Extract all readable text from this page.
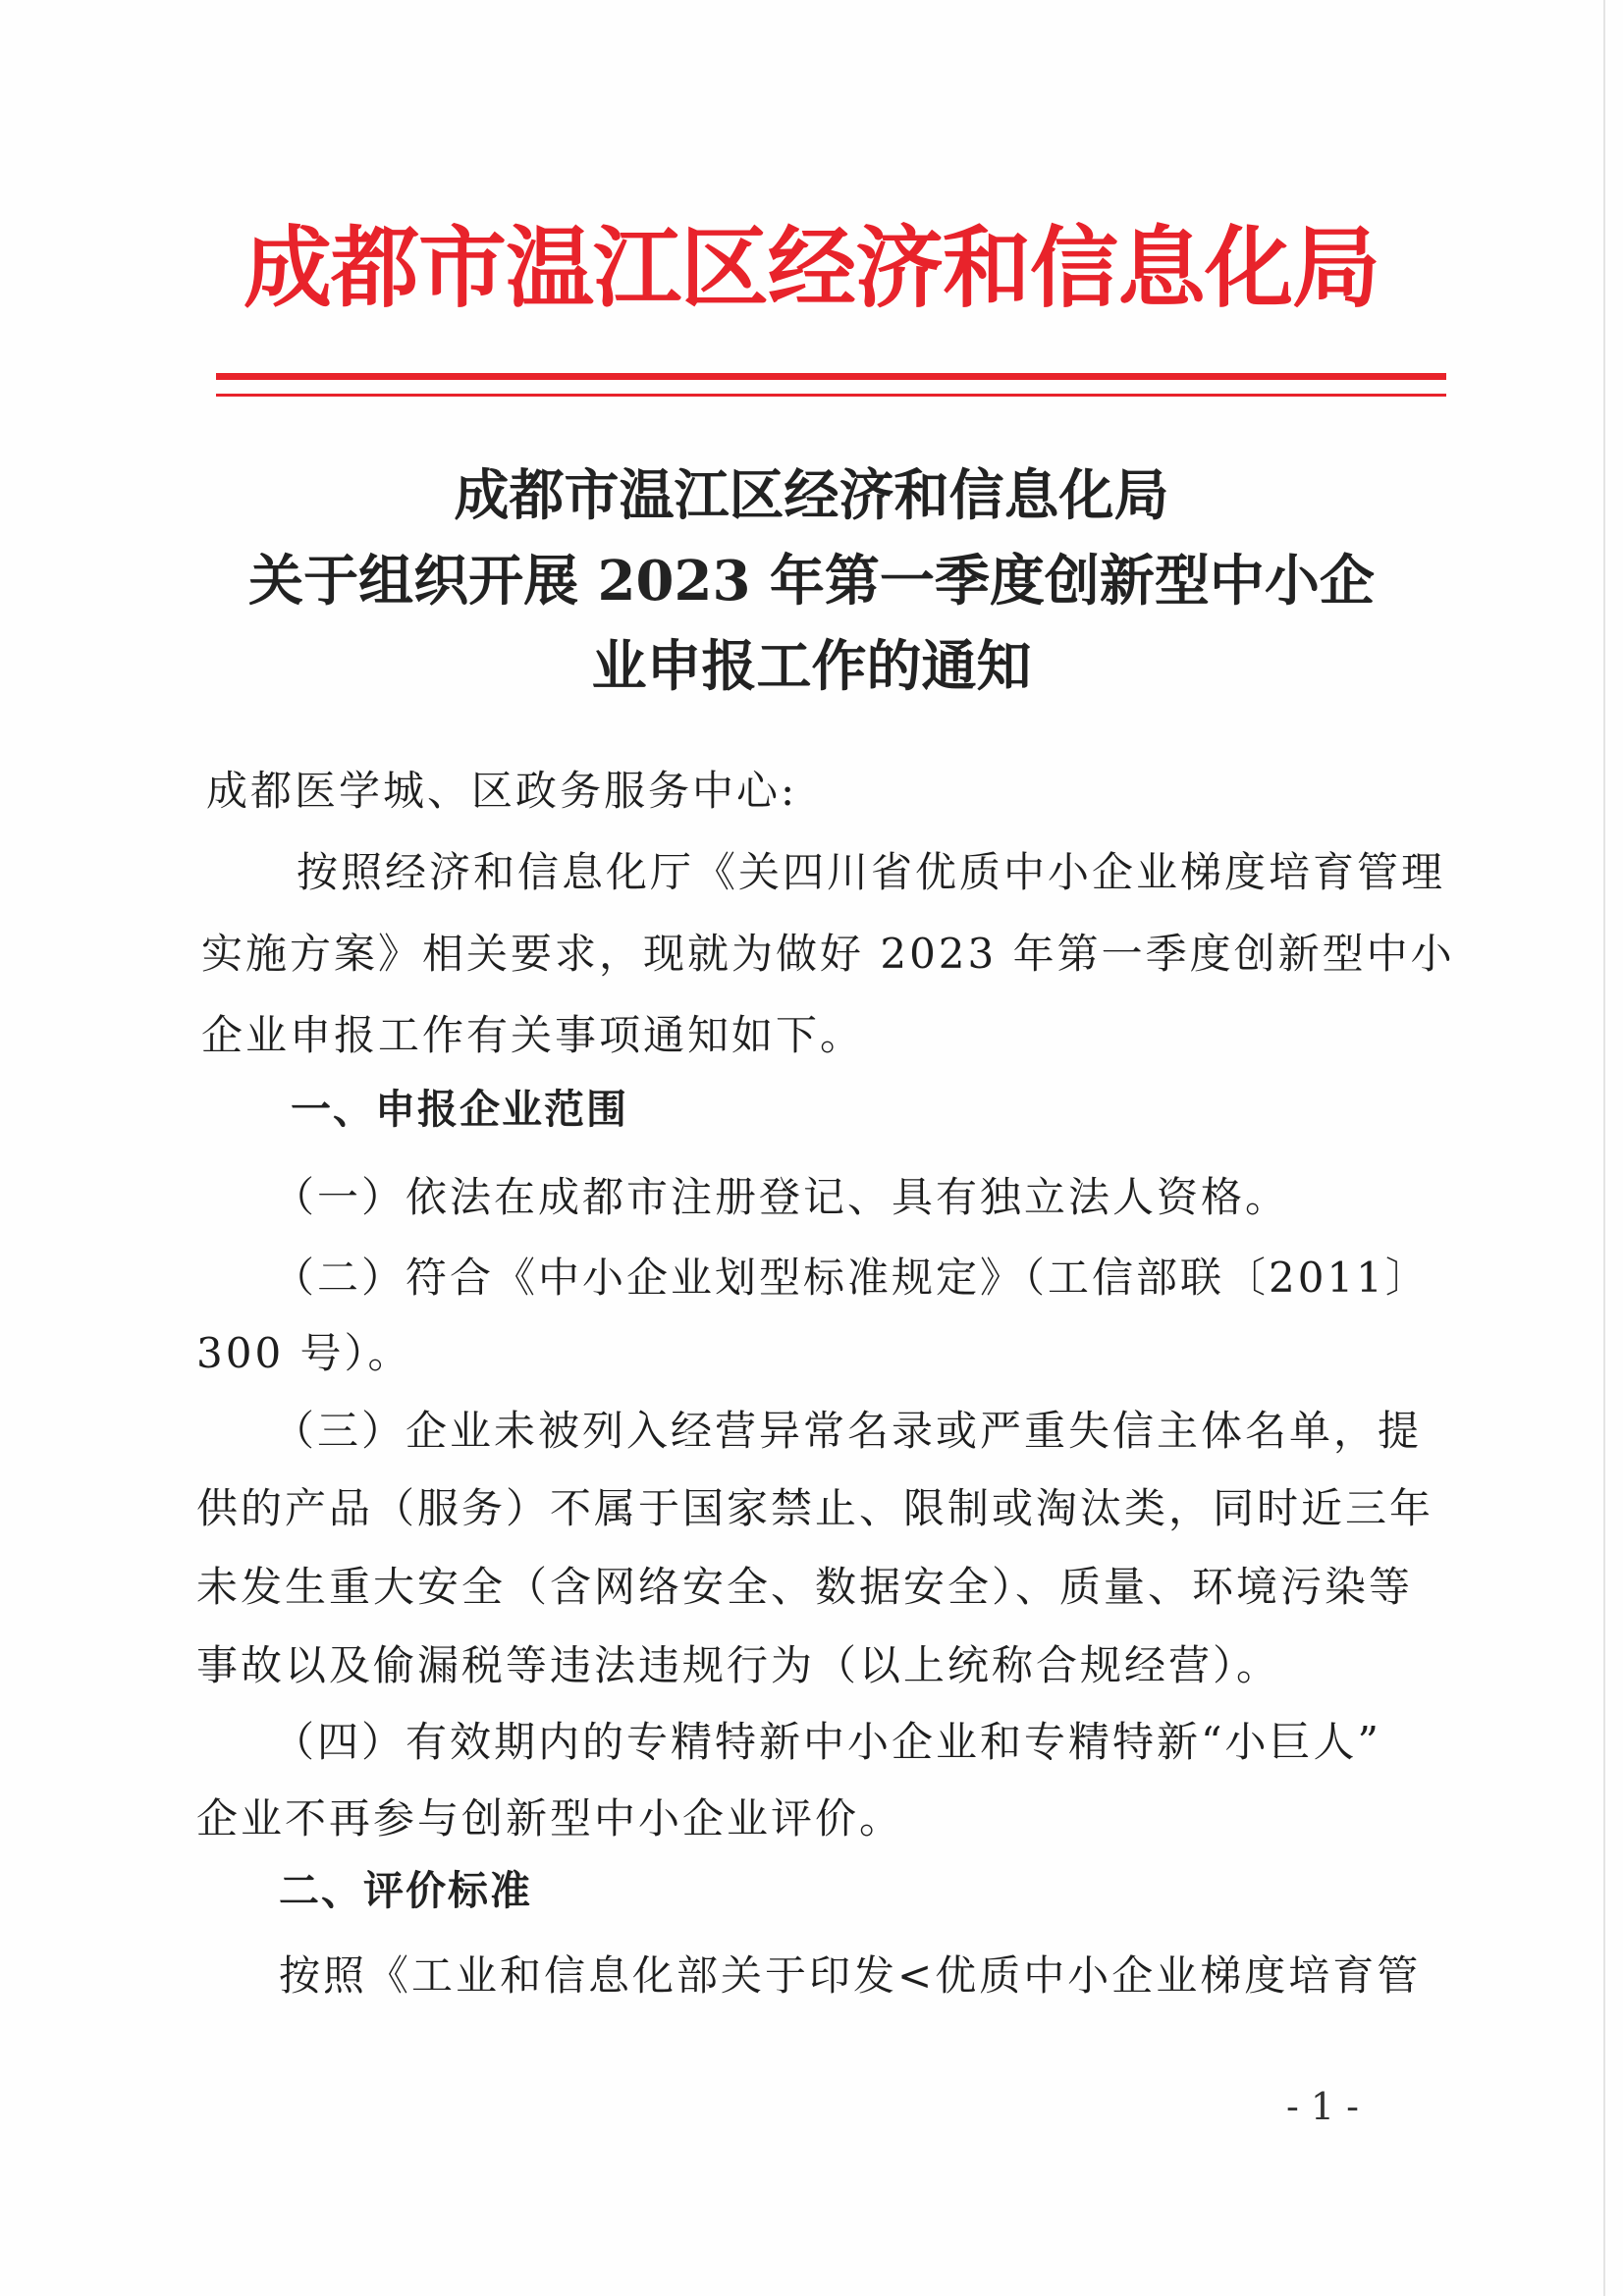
成都市温江区经济和信息化局
成都市温江区经济和信息化局
关于组织开展 2023 年第一季度创新型中小企
业申报工作的通知
成都医学城、区政务服务中心:
按照经济和信息化厅《关四川省优质中小企业梯度培育管理
实施方案》相关要求，现就为做好 2023 年第一季度创新型中小
企业申报工作有关事项通知如下。
一、申报企业范围
（一）依法在成都市注册登记、具有独立法人资格。
（二）符合《中小企业划型标准规定》（工信部联〔2011〕
300 号）。
（三）企业未被列入经营异常名录或严重失信主体名单，提
供的产品（服务）不属于国家禁止、限制或淘汰类，同时近三年
未发生重大安全（含网络安全、数据安全）、质量、环境污染等
事故以及偷漏税等违法违规行为（以上统称合规经营）。
（四）有效期内的专精特新中小企业和专精特新“小巨人”
企业不再参与创新型中小企业评价。
二、评价标准
按照《工业和信息化部关于印发<优质中小企业梯度培育管
- 1 -
